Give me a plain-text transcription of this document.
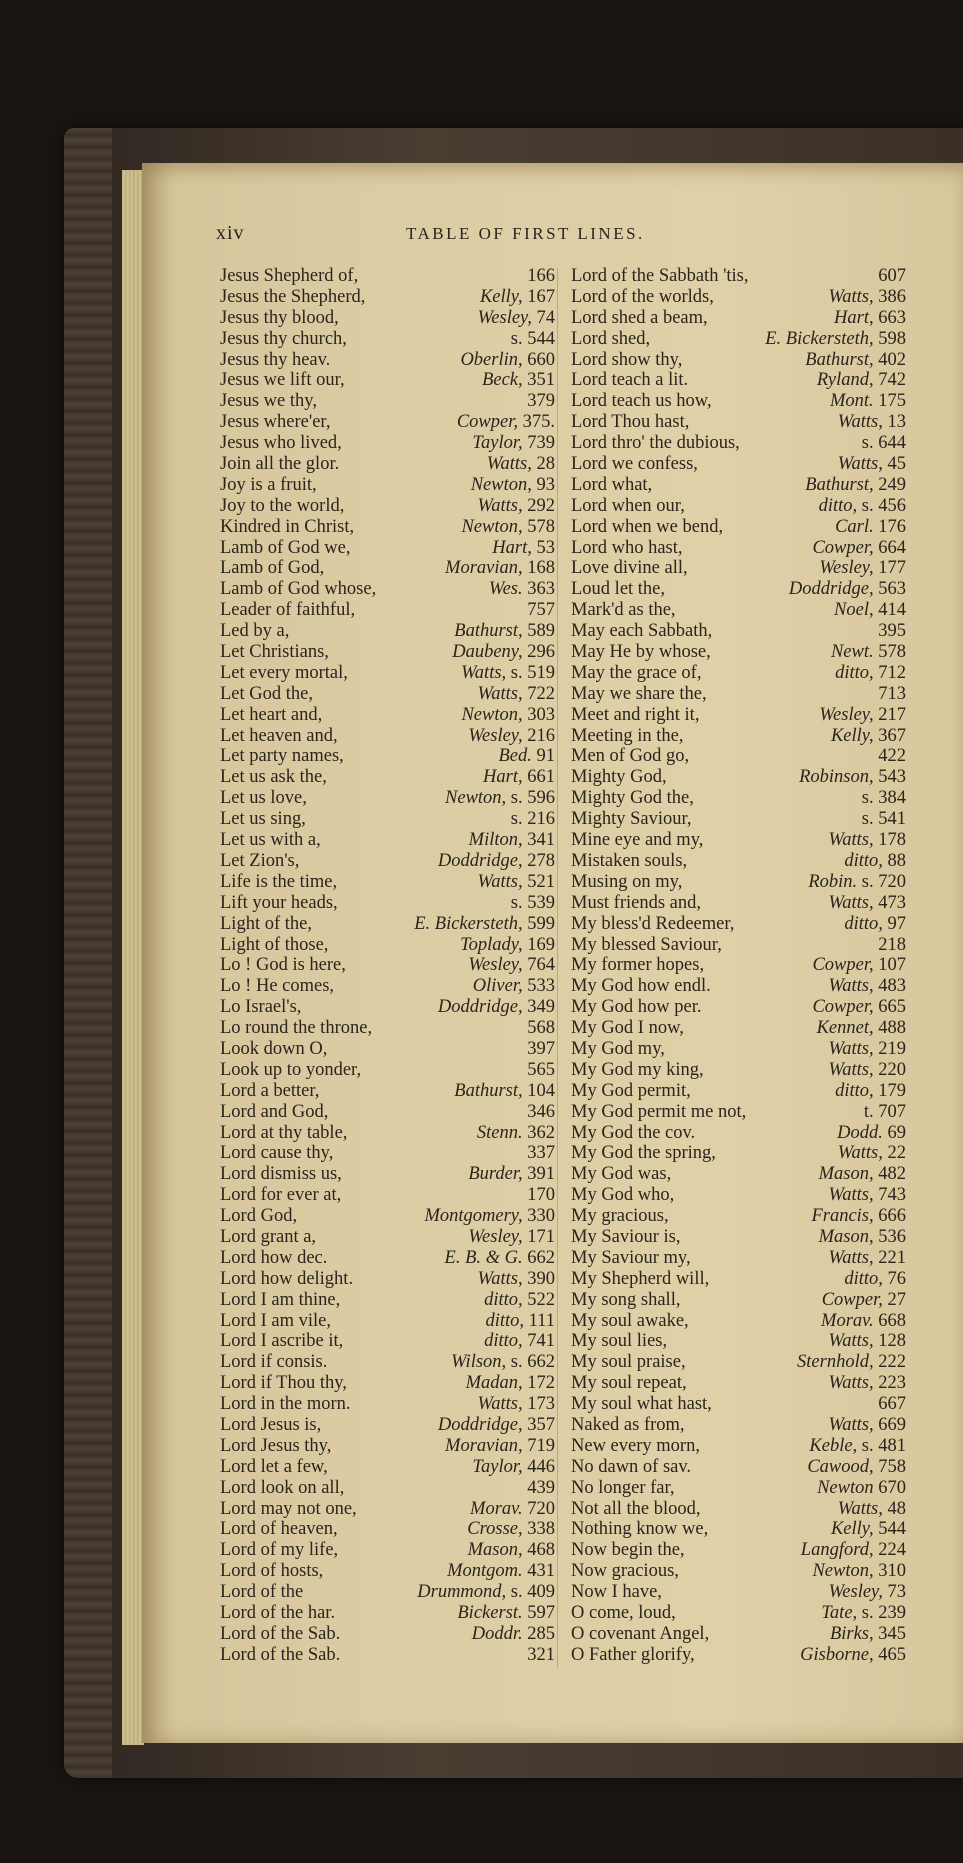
xiv	TABLE OF FIRST LINES.
Jesus Shepherd of,	166
Jesus the Shepherd,	Kelly, 167
Jesus thy blood,	Wesley, 74
Jesus thy church,	s. 544
Jesus thy heav.	Oberlin, 660
Jesus we lift our,	Beck, 351
Jesus we thy,	379
Jesus where'er,	Cowper, 375.
Jesus who lived,	Taylor, 739
Join all the glor.	Watts, 28
Joy is a fruit,	Newton, 93
Joy to the world,	Watts, 292
Kindred in Christ,	Newton, 578
Lamb of God we,	Hart, 53
Lamb of God,	Moravian, 168
Lamb of God whose,	Wes. 363
Leader of faithful,	757
Led by a,	Bathurst, 589
Let Christians,	Daubeny, 296
Let every mortal,	Watts, s. 519
Let God the,	Watts, 722
Let heart and,	Newton, 303
Let heaven and,	Wesley, 216
Let party names,	Bed. 91
Let us ask the,	Hart, 661
Let us love,	Newton, s. 596
Let us sing,	s. 216
Let us with a,	Milton, 341
Let Zion's,	Doddridge, 278
Life is the time,	Watts, 521
Lift your heads,	s. 539
Light of the,	E. Bickersteth, 599
Light of those,	Toplady, 169
Lo ! God is here,	Wesley, 764
Lo ! He comes,	Oliver, 533
Lo Israel's,	Doddridge, 349
Lo round the throne,	568
Look down O,	397
Look up to yonder,	565
Lord a better,	Bathurst, 104
Lord and God,	346
Lord at thy table,	Stenn. 362
Lord cause thy,	337
Lord dismiss us,	Burder, 391
Lord for ever at,	170
Lord God,	Montgomery, 330
Lord grant a,	Wesley, 171
Lord how dec.	E. B. & G. 662
Lord how delight.	Watts, 390
Lord I am thine,	ditto, 522
Lord I am vile,	ditto, 111
Lord I ascribe it,	ditto, 741
Lord if consis.	Wilson, s. 662
Lord if Thou thy,	Madan, 172
Lord in the morn.	Watts, 173
Lord Jesus is,	Doddridge, 357
Lord Jesus thy,	Moravian, 719
Lord let a few,	Taylor, 446
Lord look on all,	439
Lord may not one,	Morav. 720
Lord of heaven,	Crosse, 338
Lord of my life,	Mason, 468
Lord of hosts,	Montgom. 431
Lord of the	Drummond, s. 409
Lord of the har.	Bickerst. 597
Lord of the Sab.	Doddr. 285
Lord of the Sab.	321
Lord of the Sabbath 'tis,	607
Lord of the worlds,	Watts, 386
Lord shed a beam,	Hart, 663
Lord shed,	E. Bickersteth, 598
Lord show thy,	Bathurst, 402
Lord teach a lit.	Ryland, 742
Lord teach us how,	Mont. 175
Lord Thou hast,	Watts, 13
Lord thro' the dubious,	s. 644
Lord we confess,	Watts, 45
Lord what,	Bathurst, 249
Lord when our,	ditto, s. 456
Lord when we bend,	Carl. 176
Lord who hast,	Cowper, 664
Love divine all,	Wesley, 177
Loud let the,	Doddridge, 563
Mark'd as the,	Noel, 414
May each Sabbath,	395
May He by whose,	Newt. 578
May the grace of,	ditto, 712
May we share the,	713
Meet and right it,	Wesley, 217
Meeting in the,	Kelly, 367
Men of God go,	422
Mighty God,	Robinson, 543
Mighty God the,	s. 384
Mighty Saviour,	s. 541
Mine eye and my,	Watts, 178
Mistaken souls,	ditto, 88
Musing on my,	Robin. s. 720
Must friends and,	Watts, 473
My bless'd Redeemer,	ditto, 97
My blessed Saviour,	218
My former hopes,	Cowper, 107
My God how endl.	Watts, 483
My God how per.	Cowper, 665
My God I now,	Kennet, 488
My God my,	Watts, 219
My God my king,	Watts, 220
My God permit,	ditto, 179
My God permit me not,	t. 707
My God the cov.	Dodd. 69
My God the spring,	Watts, 22
My God was,	Mason, 482
My God who,	Watts, 743
My gracious,	Francis, 666
My Saviour is,	Mason, 536
My Saviour my,	Watts, 221
My Shepherd will,	ditto, 76
My song shall,	Cowper, 27
My soul awake,	Morav. 668
My soul lies,	Watts, 128
My soul praise,	Sternhold, 222
My soul repeat,	Watts, 223
My soul what hast,	667
Naked as from,	Watts, 669
New every morn,	Keble, s. 481
No dawn of sav.	Cawood, 758
No longer far,	Newton 670
Not all the blood,	Watts, 48
Nothing know we,	Kelly, 544
Now begin the,	Langford, 224
Now gracious,	Newton, 310
Now I have,	Wesley, 73
O come, loud,	Tate, s. 239
O covenant Angel,	Birks, 345
O Father glorify,	Gisborne, 465
